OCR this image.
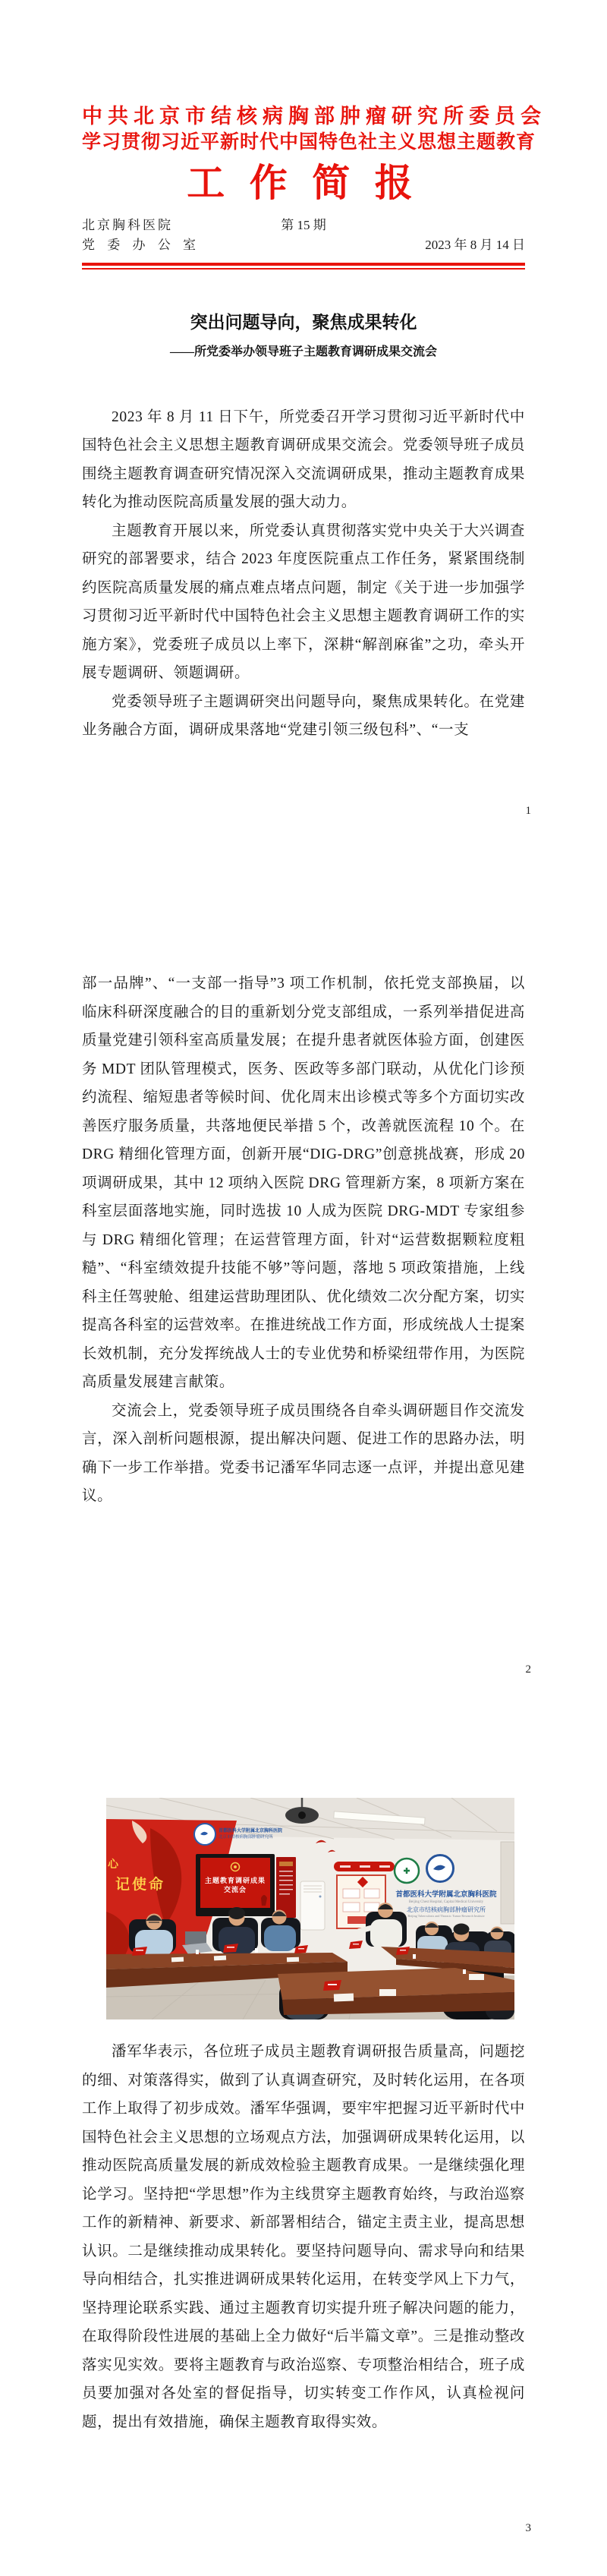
中共北京市结核病胸部肿瘤研究所委员会
学习贯彻习近平新时代中国特色社主义思想主题教育
工 作 简 报
北京胸科医院	第 15 期
党 委 办 公 室	2023 年 8 月 14 日
突出问题导向，聚焦成果转化
——所党委举办领导班子主题教育调研成果交流会

2023 年 8 月 11 日下午，所党委召开学习贯彻习近平新时代中国特色社会主义思想主题教育调研成果交流会。党委领导班子成员围绕主题教育调查研究情况深入交流调研成果，推动主题教育成果转化为推动医院高质量发展的强大动力。

主题教育开展以来，所党委认真贯彻落实党中央关于大兴调查研究的部署要求，结合 2023 年度医院重点工作任务，紧紧围绕制约医院高质量发展的痛点难点堵点问题，制定《关于进一步加强学习贯彻习近平新时代中国特色社会主义思想主题教育调研工作的实施方案》，党委班子成员以上率下，深耕“解剖麻雀”之功，牵头开展专题调研、领题调研。

党委领导班子主题调研突出问题导向，聚焦成果转化。在党建业务融合方面，调研成果落地“党建引领三级包科”、“一支

1

部一品牌”、“一支部一指导”3 项工作机制，依托党支部换届，以临床科研深度融合的目的重新划分党支部组成，一系列举措促进高质量党建引领科室高质量发展；在提升患者就医体验方面，创建医务 MDT 团队管理模式，医务、医政等多部门联动，从优化门诊预约流程、缩短患者等候时间、优化周末出诊模式等多个方面切实改善医疗服务质量，共落地便民举措 5 个，改善就医流程 10 个。在 DRG 精细化管理方面，创新开展“DIG-DRG”创意挑战赛，形成 20 项调研成果，其中 12 项纳入医院 DRG 管理新方案，8 项新方案在科室层面落地实施，同时选拔 10 人成为医院 DRG-MDT 专家组参与 DRG 精细化管理；在运营管理方面，针对“运营数据颗粒度粗糙”、“科室绩效提升技能不够”等问题，落地 5 项政策措施，上线科主任驾驶舱、组建运营助理团队、优化绩效二次分配方案，切实提高各科室的运营效率。在推进统战工作方面，形成统战人士提案长效机制，充分发挥统战人士的专业优势和桥梁纽带作用，为医院高质量发展建言献策。

交流会上，党委领导班子成员围绕各自牵头调研题目作交流发言，深入剖析问题根源，提出解决问题、促进工作的思路办法，明确下一步工作举措。党委书记潘军华同志逐一点评，并提出意见建议。

2
心
记使命
首都医科大学附属北京胸科医院
北京市结核病胸部肿瘤研究所
主题教育调研成果
交流会
首都医科大学附属北京胸科医院
Beijing Chest Hospital, Capital Medical University
北京市结核病胸部肿瘤研究所
Beijing Tuberculosis and Thoracic Tumor Research Institute

潘军华表示，各位班子成员主题教育调研报告质量高，问题挖的细、对策落得实，做到了认真调查研究，及时转化运用，在各项工作上取得了初步成效。潘军华强调，要牢牢把握习近平新时代中国特色社会主义思想的立场观点方法，加强调研成果转化运用，以推动医院高质量发展的新成效检验主题教育成果。一是继续强化理论学习。坚持把“学思想”作为主线贯穿主题教育始终，与政治巡察工作的新精神、新要求、新部署相结合，锚定主责主业，提高思想认识。二是继续推动成果转化。要坚持问题导向、需求导向和结果导向相结合，扎实推进调研成果转化运用，在转变学风上下力气，坚持理论联系实践、通过主题教育切实提升班子解决问题的能力，在取得阶段性进展的基础上全力做好“后半篇文章”。三是推动整改落实见实效。要将主题教育与政治巡察、专项整治相结合，班子成员要加强对各处室的督促指导，切实转变工作作风，认真检视问题，提出有效措施，确保主题教育取得实效。

3
